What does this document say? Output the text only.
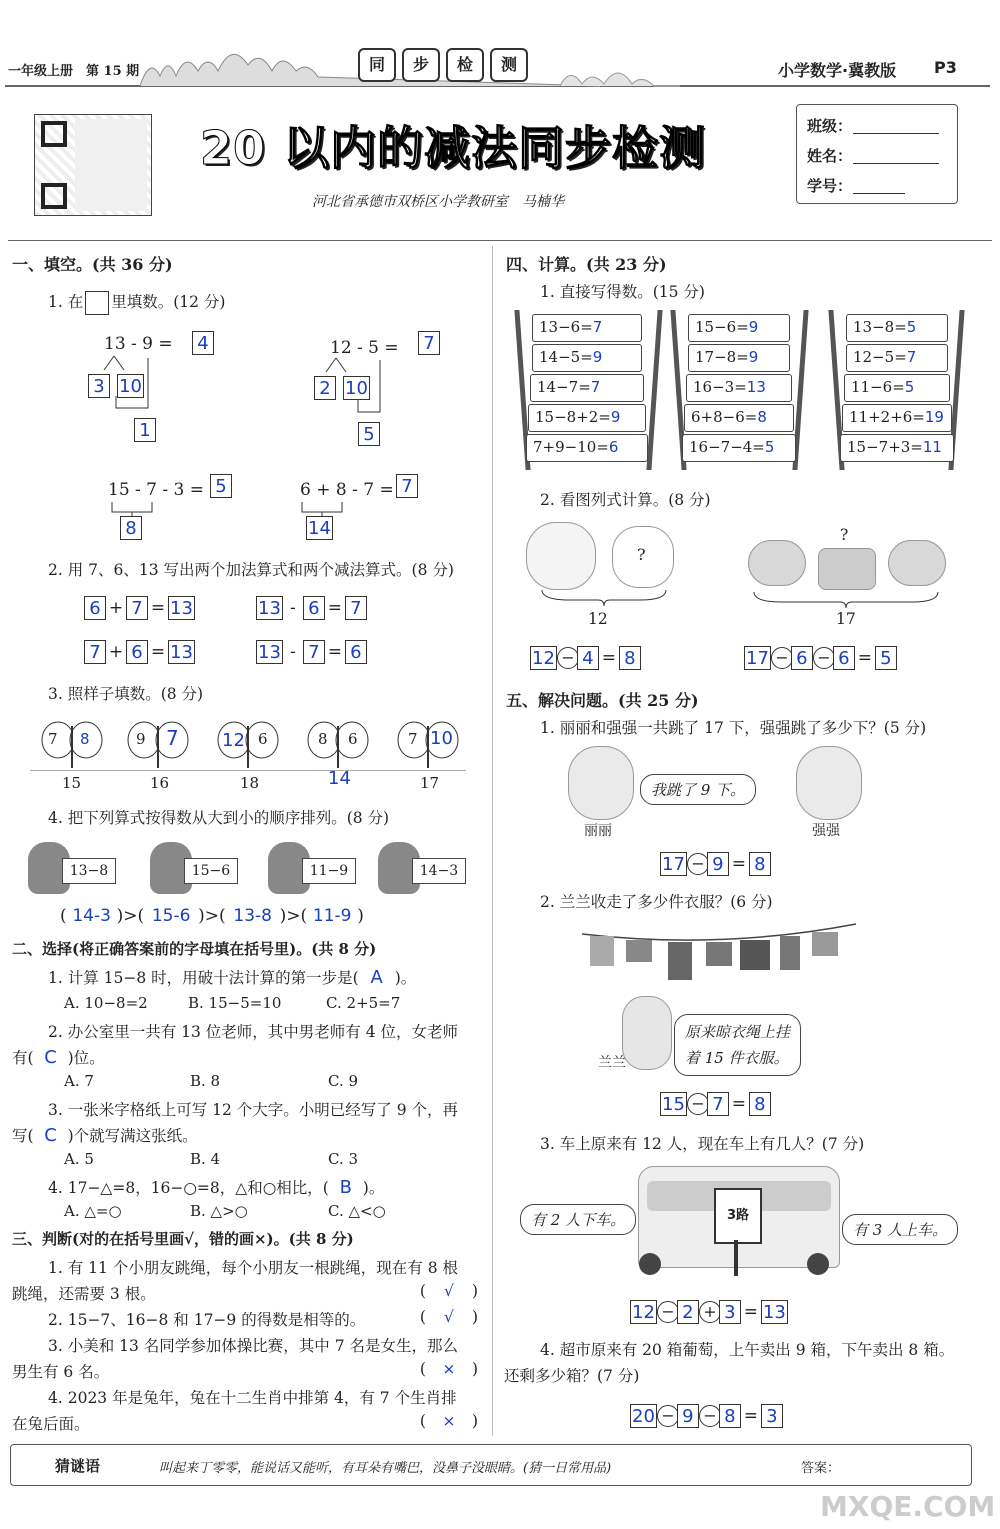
一年级上册　第 15 期	同	步	检	测	小学数学·冀教版 P3
20 以内的减法同步检测
河北省承德市双桥区小学教研室　马楠华
班级：
姓名：
学号：
一、填空。(共 36 分)
1. 在 里填数。(12 分)
13 - 9 = 4
3 10
1
12 - 5 = 7
2 10
5
15 - 7 - 3 = 5
8
6 + 8 - 7 = 7
14
2. 用 7、6、13 写出两个加法算式和两个减法算式。(8 分)
6 + 7 = 13	13 - 6 = 7
7 + 6 = 13	13 - 7 = 6
3. 照样子填数。(8 分)
7 8
15
9 7
16
12 6
18
8 6
14
7 10
17
4. 把下列算式按得数从大到小的顺序排列。(8 分)
13−8	15−6	11−9	14−3
( 14-3 )>( 15-6 )>( 13-8 )>( 11-9 )
二、选择(将正确答案前的字母填在括号里)。(共 8 分)
1. 计算 15−8 时，用破十法计算的第一步是( A )。
A. 10−8=2	B. 15−5=10	C. 2+5=7
2. 办公室里一共有 13 位老师，其中男老师有 4 位，女老师
有( C )位。
A. 7	B. 8	C. 9
3. 一张米字格纸上可写 12 个大字。小明已经写了 9 个，再
写( C )个就写满这张纸。
A. 5	B. 4	C. 3
4. 17−△=8，16−○=8，△和○相比，( B )。
A. △=○	B. △>○	C. △<○
三、判断(对的在括号里画√，错的画×)。(共 8 分)
1. 有 11 个小朋友跳绳，每个小朋友一根跳绳，现在有 8 根
跳绳，还需要 3 根。	( √ )
2. 15−7、16−8 和 17−9 的得数是相等的。	( √ )
3. 小美和 13 名同学参加体操比赛，其中 7 名是女生，那么
男生有 6 名。	( × )
4. 2023 年是兔年，兔在十二生肖中排第 4，有 7 个生肖排
在兔后面。	( × )
四、计算。(共 23 分)
1. 直接写得数。(15 分)
13−6=7
14−5=9
14−7=7
15−8+2=9
7+9−10=6
15−6=9
17−8=9
16−3=13
6+8−6=8
16−7−4=5
13−8=5
12−5=7
11−6=5
11+2+6=19
15−7+3=11
2. 看图列式计算。(8 分)
?
12
12 − 4 = 8
?
17
17 − 6 − 6 = 5
五、解决问题。(共 25 分)
1. 丽丽和强强一共跳了 17 下，强强跳了多少下？(5 分)
丽丽
我跳了 9 下。
强强
17 − 9 = 8
2. 兰兰收走了多少件衣服？(6 分)
兰兰
原来晾衣绳上挂
着 15 件衣服。
15 − 7 = 8
3. 车上原来有 12 人，现在车上有几人？(7 分)
3路
有 2 人下车。
有 3 人上车。
12 − 2 + 3 = 13
4. 超市原来有 20 箱葡萄，上午卖出 9 箱，下午卖出 8 箱。
还剩多少箱？(7 分)
20 − 9 − 8 = 3
猜谜语	叫起来丁零零，能说话又能听，有耳朵有嘴巴，没鼻子没眼睛。(猜一日常用品)	答案：
MXQE.COM
